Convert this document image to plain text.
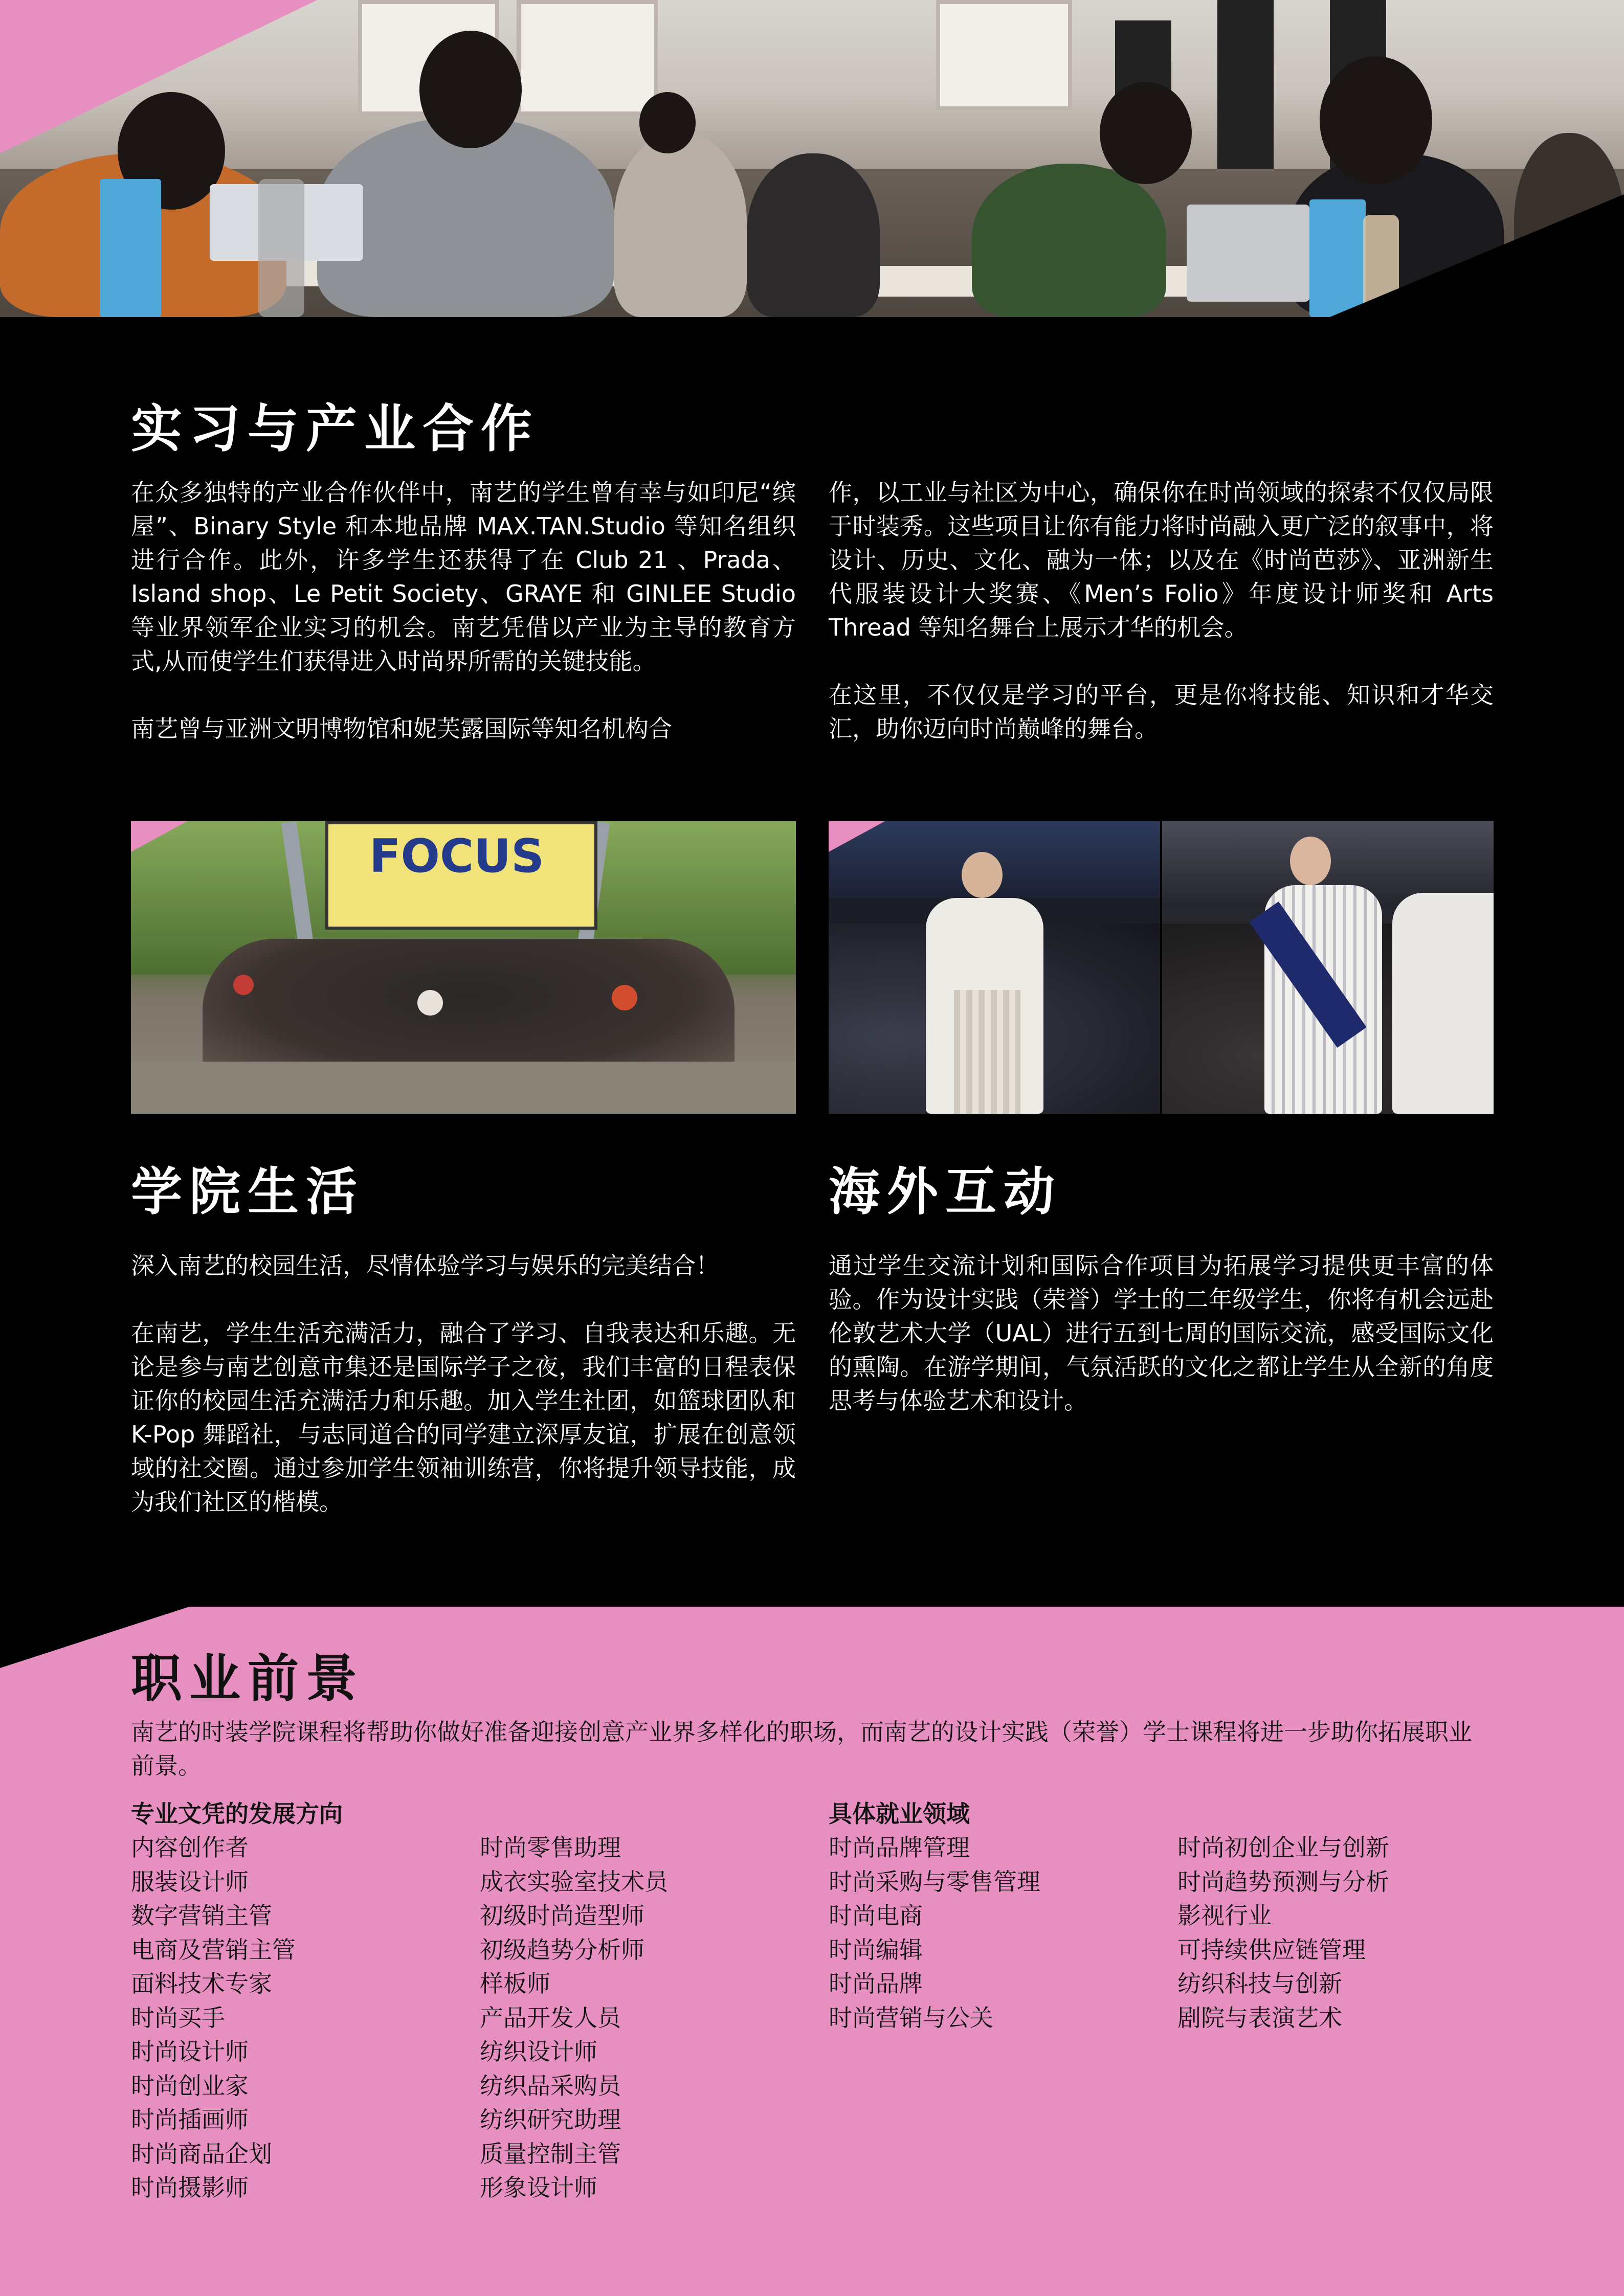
实习与产业合作

在众多独特的产业合作伙伴中，南艺的学生曾有幸与如印尼“缤屋”、Binary Style 和本地品牌 MAX.TAN.Studio 等知名组织进行合作。此外，许多学生还获得了在 Club 21 、Prada、Island shop、Le Petit Society、GRAYE 和 GINLEE Studio 等业界领军企业实习的机会。南艺凭借以产业为主导的教育方式,从而使学生们获得进入时尚界所需的关键技能。

南艺曾与亚洲文明博物馆和妮芙露国际等知名机构合

作，以工业与社区为中心，确保你在时尚领域的探索不仅仅局限于时装秀。这些项目让你有能力将时尚融入更广泛的叙事中，将设计、历史、文化、融为一体；以及在《时尚芭莎》、亚洲新生代服装设计大奖赛、《Men’s Folio》年度设计师奖和 Arts Thread 等知名舞台上展示才华的机会。

在这里，不仅仅是学习的平台，更是你将技能、知识和才华交汇，助你迈向时尚巅峰的舞台。

FOCUS
学院生活

深入南艺的校园生活，尽情体验学习与娱乐的完美结合！

在南艺，学生生活充满活力，融合了学习、自我表达和乐趣。无论是参与南艺创意市集还是国际学子之夜，我们丰富的日程表保证你的校园生活充满活力和乐趣。加入学生社团，如篮球团队和 K-Pop 舞蹈社，与志同道合的同学建立深厚友谊，扩展在创意领域的社交圈。通过参加学生领袖训练营，你将提升领导技能，成为我们社区的楷模。

海外互动

通过学生交流计划和国际合作项目为拓展学习提供更丰富的体验。作为设计实践（荣誉）学士的二年级学生，你将有机会远赴伦敦艺术大学（UAL）进行五到七周的国际交流，感受国际文化的熏陶。在游学期间，气氛活跃的文化之都让学生从全新的角度思考与体验艺术和设计。

职业前景
南艺的时装学院课程将帮助你做好准备迎接创意产业界多样化的职场，而南艺的设计实践（荣誉）学士课程将进一步助你拓展职业前景。
专业文凭的发展方向
内容创作者
服装设计师
数字营销主管
电商及营销主管
面料技术专家
时尚买手
时尚设计师
时尚创业家
时尚插画师
时尚商品企划
时尚摄影师
时尚零售助理
成衣实验室技术员
初级时尚造型师
初级趋势分析师
样板师
产品开发人员
纺织设计师
纺织品采购员
纺织研究助理
质量控制主管
形象设计师
具体就业领域
时尚品牌管理
时尚采购与零售管理
时尚电商
时尚编辑
时尚品牌
时尚营销与公关
时尚初创企业与创新
时尚趋势预测与分析
影视行业
可持续供应链管理
纺织科技与创新
剧院与表演艺术
